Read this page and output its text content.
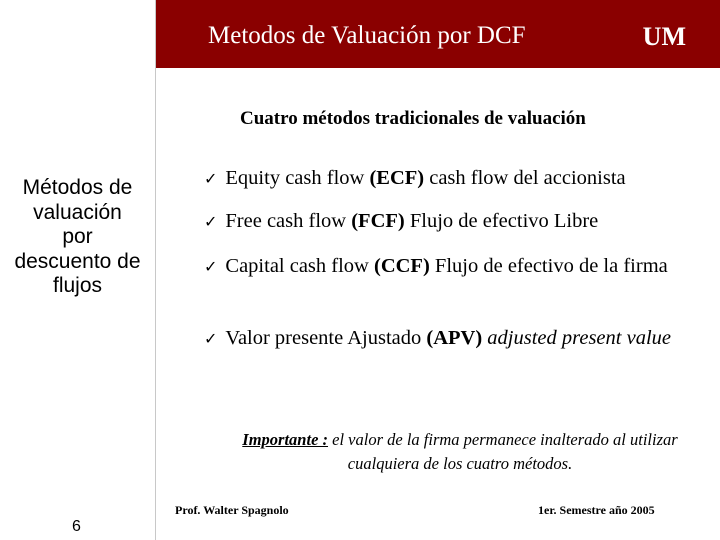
Metodos de Valuación por DCF	UM
Cuatro métodos tradicionales de valuación
Métodos de
valuación
por
descuento de
flujos
✓ Equity cash flow (ECF) cash flow del accionista
✓ Free cash flow (FCF) Flujo de efectivo Libre
✓ Capital cash flow (CCF) Flujo de efectivo de la firma
✓ Valor presente Ajustado (APV) adjusted present value
Importante : el valor de la firma permanece inalterado al utilizar cualquiera de los cuatro métodos.
6
Prof. Walter Spagnolo	1er. Semestre año 2005
